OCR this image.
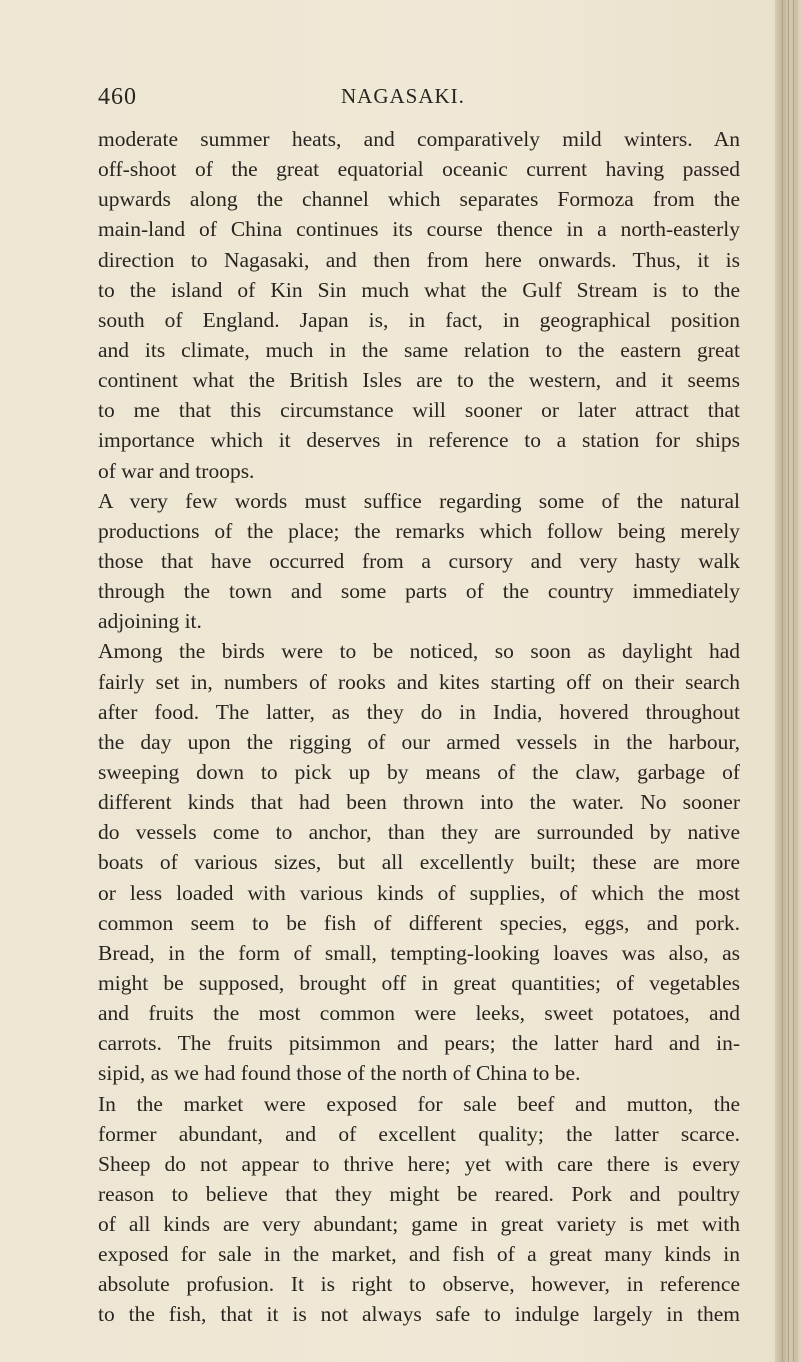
460	NAGASAKI.
moderate summer heats, and comparatively mild winters. An
off-shoot of the great equatorial oceanic current having passed
upwards along the channel which separates Formoza from the
main-land of China continues its course thence in a north-easterly
direction to Nagasaki, and then from here onwards. Thus, it is
to the island of Kin Sin much what the Gulf Stream is to the
south of England. Japan is, in fact, in geographical position
and its climate, much in the same relation to the eastern great
continent what the British Isles are to the western, and it seems
to me that this circumstance will sooner or later attract that
importance which it deserves in reference to a station for ships
of war and troops.
A very few words must suffice regarding some of the natural
productions of the place; the remarks which follow being merely
those that have occurred from a cursory and very hasty walk
through the town and some parts of the country immediately
adjoining it.
Among the birds were to be noticed, so soon as daylight had
fairly set in, numbers of rooks and kites starting off on their search
after food. The latter, as they do in India, hovered throughout
the day upon the rigging of our armed vessels in the harbour,
sweeping down to pick up by means of the claw, garbage of
different kinds that had been thrown into the water. No sooner
do vessels come to anchor, than they are surrounded by native
boats of various sizes, but all excellently built; these are more
or less loaded with various kinds of supplies, of which the most
common seem to be fish of different species, eggs, and pork.
Bread, in the form of small, tempting-looking loaves was also, as
might be supposed, brought off in great quantities; of vegetables
and fruits the most common were leeks, sweet potatoes, and
carrots. The fruits pitsimmon and pears; the latter hard and in-
sipid, as we had found those of the north of China to be.
In the market were exposed for sale beef and mutton, the
former abundant, and of excellent quality; the latter scarce.
Sheep do not appear to thrive here; yet with care there is every
reason to believe that they might be reared. Pork and poultry
of all kinds are very abundant; game in great variety is met with
exposed for sale in the market, and fish of a great many kinds in
absolute profusion. It is right to observe, however, in reference
to the fish, that it is not always safe to indulge largely in them
